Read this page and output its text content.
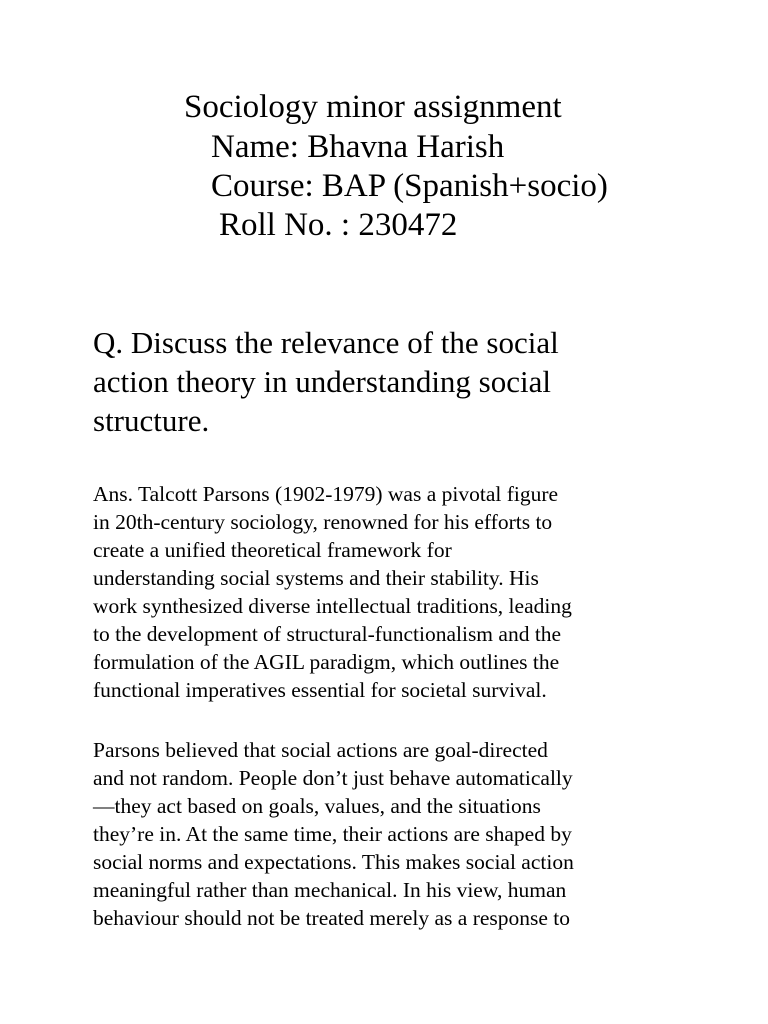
Sociology minor assignment
Name: Bhavna Harish
Course: BAP (Spanish+socio)
Roll No. : 230472
Q. Discuss the relevance of the social
action theory in understanding social
structure.
Ans. Talcott Parsons (1902-1979) was a pivotal figure
in 20th-century sociology, renowned for his efforts to
create a unified theoretical framework for
understanding social systems and their stability. His
work synthesized diverse intellectual traditions, leading
to the development of structural-functionalism and the
formulation of the AGIL paradigm, which outlines the
functional imperatives essential for societal survival.
Parsons believed that social actions are goal-directed
and not random. People don’t just behave automatically
—they act based on goals, values, and the situations
they’re in. At the same time, their actions are shaped by
social norms and expectations. This makes social action
meaningful rather than mechanical. In his view, human
behaviour should not be treated merely as a response to
